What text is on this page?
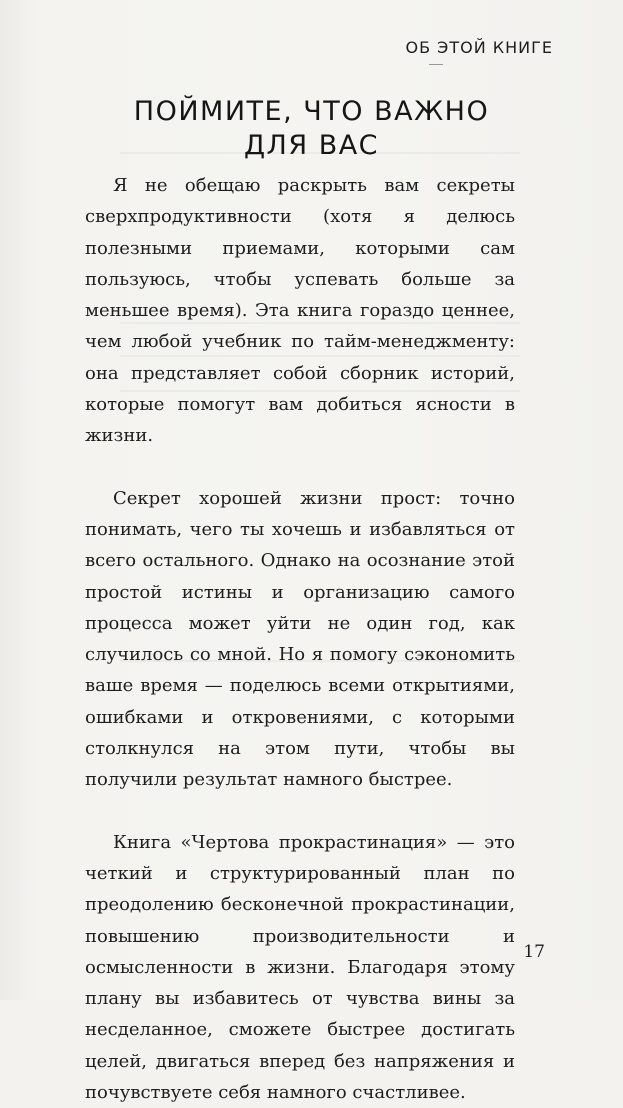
ОБ ЭТОЙ КНИГЕ
ПОЙМИТЕ, ЧТО ВАЖНО
ДЛЯ ВАС

Я не обещаю раскрыть вам секреты сверхпродуктивности (хотя я делюсь полезными приемами, которыми сам пользуюсь, чтобы успевать больше за меньшее время). Эта книга гораздо ценнее, чем любой учебник по тайм-менеджменту: она представляет собой сборник историй, которые помогут вам добиться ясности в жизни.

Секрет хорошей жизни прост: точно понимать, чего ты хочешь и избавляться от всего остального. Однако на осознание этой простой истины и организацию самого процесса может уйти не один год, как случилось со мной. Но я помогу сэкономить ваше время — поделюсь всеми открытиями, ошибками и откровениями, с которыми столкнулся на этом пути, чтобы вы получили результат намного быстрее.

Книга «Чертова прокрастинация» — это четкий и структурированный план по преодолению бесконечной прокрастинации, повышению производительности и осмысленности в жизни. Благодаря этому плану вы избавитесь от чувства вины за несделанное, сможете быстрее достигать целей, двигаться вперед без напряжения и почувствуете себя намного счастливее.

17
